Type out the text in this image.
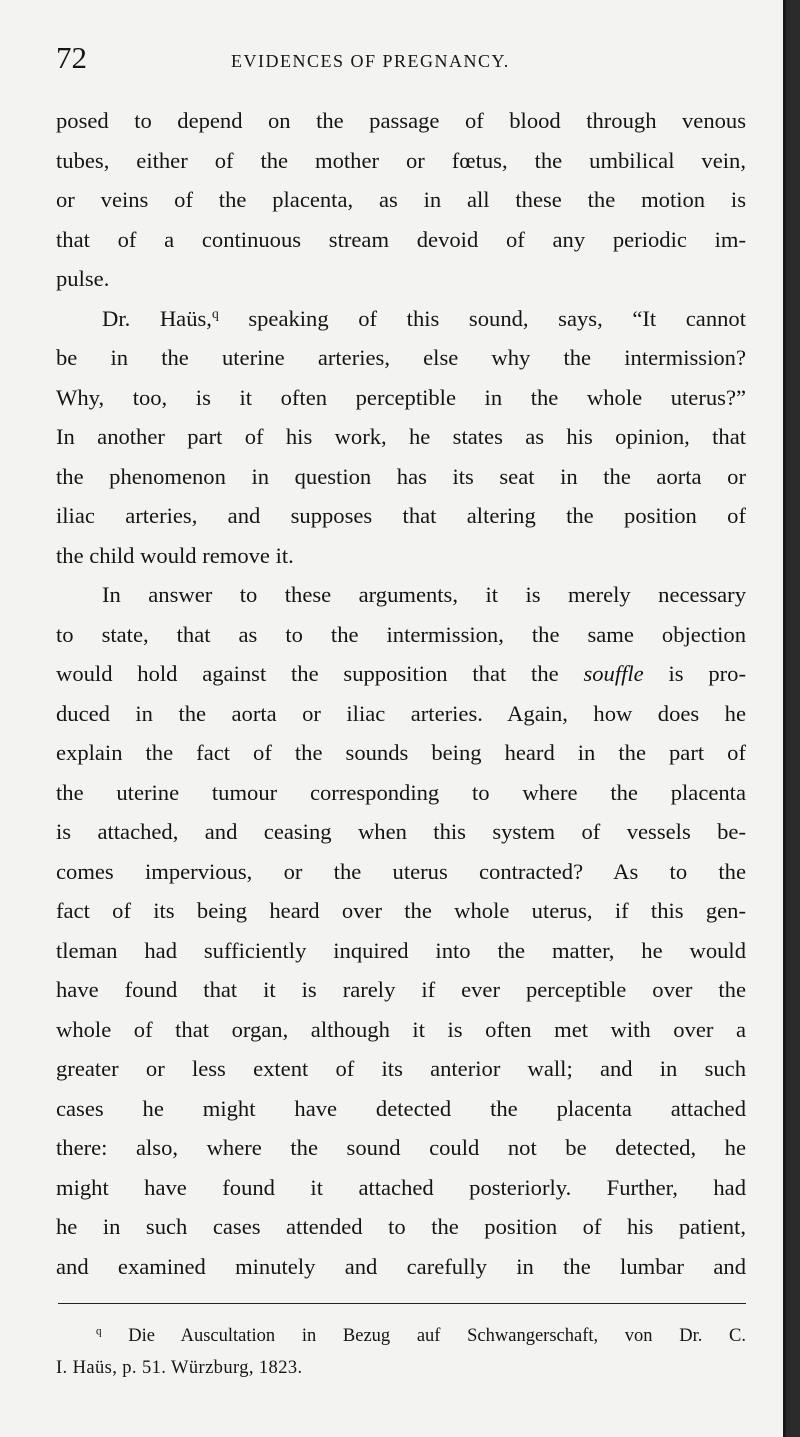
72	EVIDENCES OF PREGNANCY.
posed to depend on the passage of blood through venous
tubes, either of the mother or fœtus, the umbilical vein,
or veins of the placenta, as in all these the motion is
that of a continuous stream devoid of any periodic im-
pulse.
Dr. Haüs,$^q$ speaking of this sound, says, “It cannot
be in the uterine arteries, else why the intermission?
Why, too, is it often perceptible in the whole uterus?”
In another part of his work, he states as his opinion, that
the phenomenon in question has its seat in the aorta or
iliac arteries, and supposes that altering the position of
the child would remove it.
In answer to these arguments, it is merely necessary
to state, that as to the intermission, the same objection
would hold against the supposition that the souffle is pro-
duced in the aorta or iliac arteries. Again, how does he
explain the fact of the sounds being heard in the part of
the uterine tumour corresponding to where the placenta
is attached, and ceasing when this system of vessels be-
comes impervious, or the uterus contracted? As to the
fact of its being heard over the whole uterus, if this gen-
tleman had sufficiently inquired into the matter, he would
have found that it is rarely if ever perceptible over the
whole of that organ, although it is often met with over a
greater or less extent of its anterior wall; and in such
cases he might have detected the placenta attached
there: also, where the sound could not be detected, he
might have found it attached posteriorly. Further, had
he in such cases attended to the position of his patient,
and examined minutely and carefully in the lumbar and
$^q$ Die Auscultation in Bezug auf Schwangerschaft, von Dr. C.
I. Haüs, p. 51. Würzburg, 1823.
